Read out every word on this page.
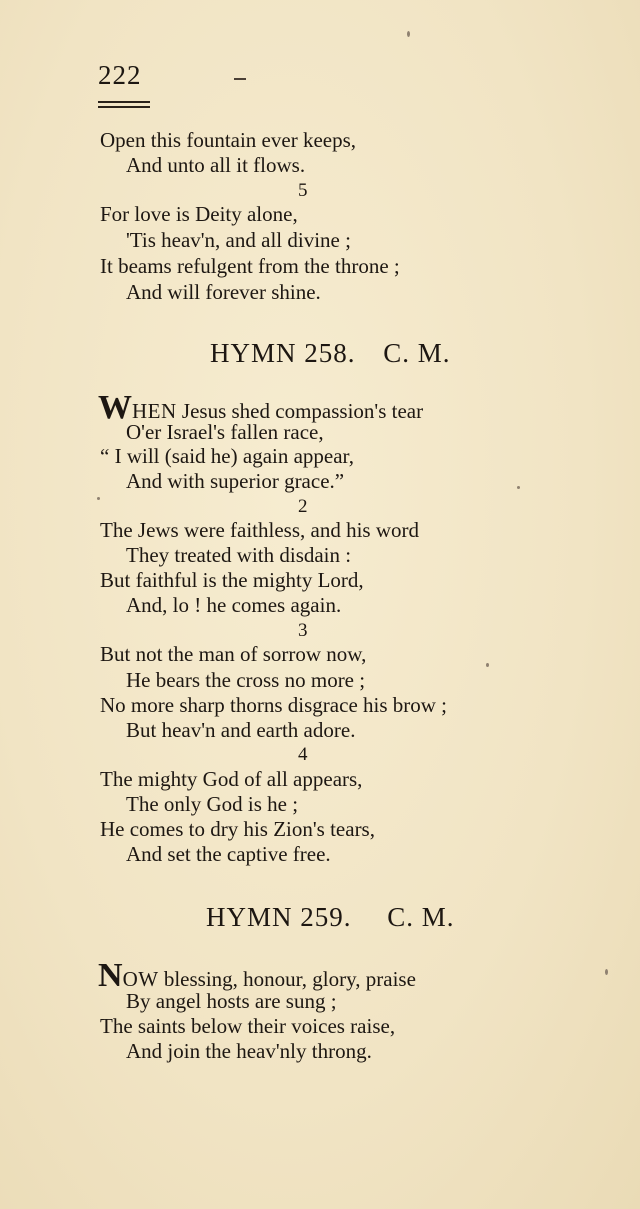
222
Open this fountain ever keeps,
And unto all it flows.
5
For love is Deity alone,
'Tis heav'n, and all divine ;
It beams refulgent from the throne ;
And will forever shine.
HYMN 258. C. M.
WHEN Jesus shed compassion's tear
O'er Israel's fallen race,
“ I will (said he) again appear,
And with superior grace.”
2
The Jews were faithless, and his word
They treated with disdain :
But faithful is the mighty Lord,
And, lo ! he comes again.
3
But not the man of sorrow now,
He bears the cross no more ;
No more sharp thorns disgrace his brow ;
But heav'n and earth adore.
4
The mighty God of all appears,
The only God is he ;
He comes to dry his Zion's tears,
And set the captive free.
HYMN 259. C. M.
NOW blessing, honour, glory, praise
By angel hosts are sung ;
The saints below their voices raise,
And join the heav'nly throng.
